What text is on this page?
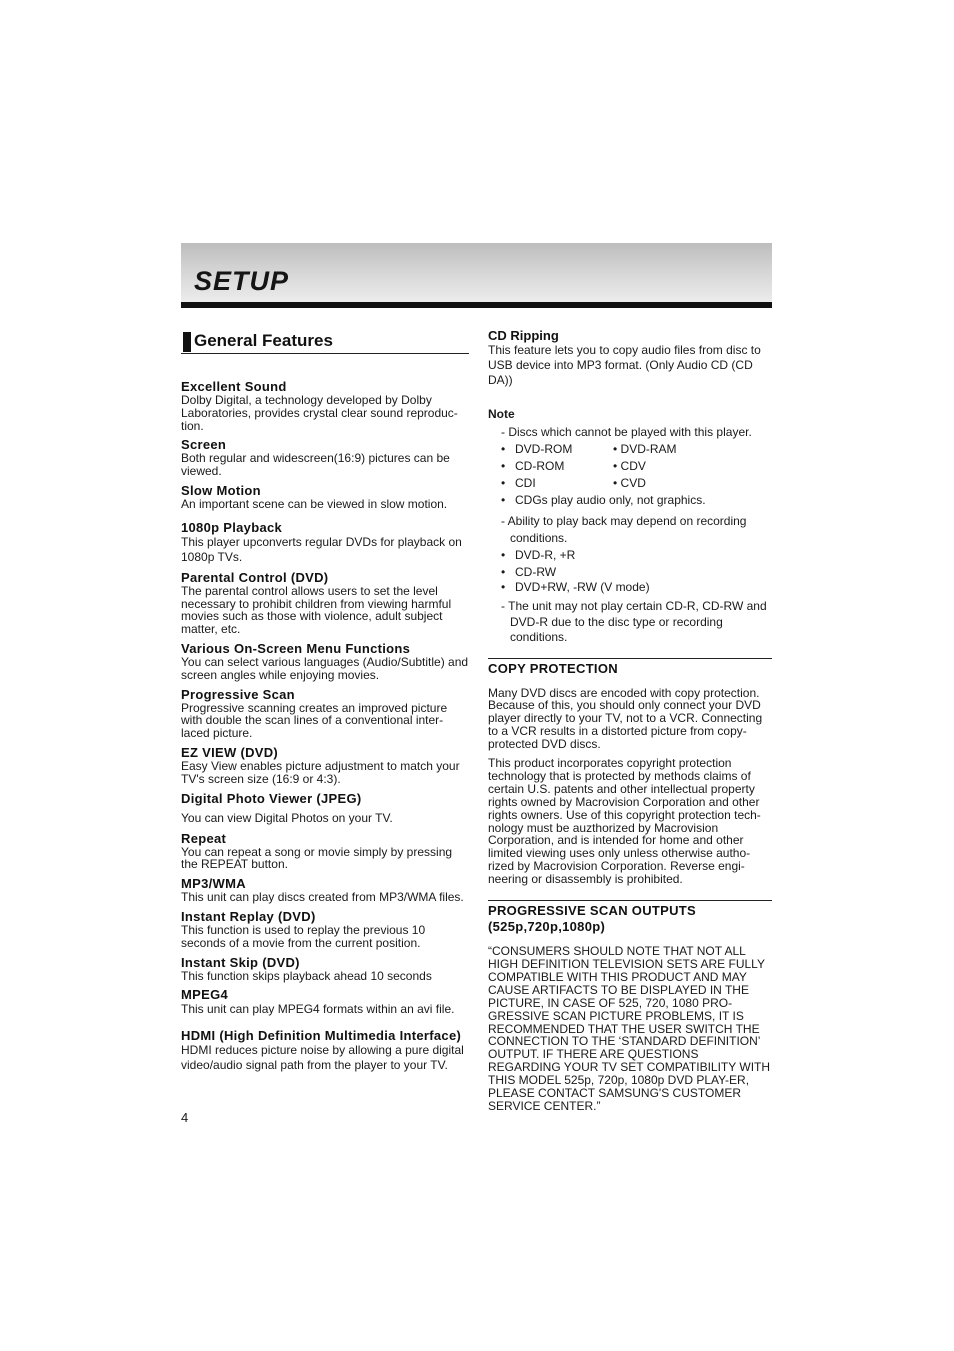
SETUP
General Features
Excellent Sound

Dolby Digital, a technology developed by Dolby Laboratories, provides crystal clear sound reproduc-tion.

Screen

Both regular and widescreen(16:9) pictures can be viewed.

Slow Motion

An important scene can be viewed in slow motion.

1080p Playback

This player upconverts regular DVDs for playback on 1080p TVs.

Parental Control (DVD)

The parental control allows users to set the level necessary to prohibit children from viewing harmful movies such as those with violence, adult subject matter, etc.

Various On-Screen Menu Functions

You can select various languages (Audio/Subtitle) and screen angles while enjoying movies.

Progressive Scan

Progressive scanning creates an improved picture with double the scan lines of a conventional inter-laced picture.

EZ VIEW (DVD)

Easy View enables picture adjustment to match your TV's screen size (16:9 or 4:3).

Digital Photo Viewer (JPEG)

You can view Digital Photos on your TV.

Repeat

You can repeat a song or movie simply by pressing the REPEAT button.

MP3/WMA

This unit can play discs created from MP3/WMA files.

Instant Replay (DVD)

This function is used to replay the previous 10 seconds of a movie from the current position.

Instant Skip (DVD)

This function skips playback ahead 10 seconds

MPEG4

This unit can play MPEG4 formats within an avi file.

HDMI (High Definition Multimedia Interface)

HDMI reduces picture noise by allowing a pure digital video/audio signal path from the player to your TV.

4

CD Ripping

This feature lets you to copy audio files from disc to USB device into MP3 format. (Only Audio CD (CD DA))

Note

- Discs which cannot be played with this player.

• DVD-ROM	• DVD-RAM
• CD-ROM	• CDV
• CDI	• CVD
• CDGs play audio only, not graphics.

- Ability to play back may depend on recording conditions.

• DVD-R, +R
• CD-RW
• DVD+RW, -RW (V mode)

- The unit may not play certain CD-R, CD-RW and DVD-R due to the disc type or recording conditions.

COPY PROTECTION

Many DVD discs are encoded with copy protection. Because of this, you should only connect your DVD player directly to your TV, not to a VCR. Connecting to a VCR results in a distorted picture from copy-protected DVD discs.

This product incorporates copyright protection technology that is protected by methods claims of certain U.S. patents and other intellectual property rights owned by Macrovision Corporation and other rights owners. Use of this copyright protection tech-nology must be auzthorized by Macrovision Corporation, and is intended for home and other limited viewing uses only unless otherwise autho-rized by Macrovision Corporation. Reverse engi-neering or disassembly is prohibited.

PROGRESSIVE SCAN OUTPUTS (525p,720p,1080p)

“CONSUMERS SHOULD NOTE THAT NOT ALL HIGH DEFINITION TELEVISION SETS ARE FULLY COMPATIBLE WITH THIS PRODUCT AND MAY CAUSE ARTIFACTS TO BE DISPLAYED IN THE PICTURE, IN CASE OF 525, 720, 1080 PRO-GRESSIVE SCAN PICTURE PROBLEMS, IT IS RECOMMENDED THAT THE USER SWITCH THE CONNECTION TO THE ‘STANDARD DEFINITION’ OUTPUT. IF THERE ARE QUESTIONS REGARDING YOUR TV SET COMPATIBILITY WITH THIS MODEL 525p, 720p, 1080p DVD PLAY-ER, PLEASE CONTACT SAMSUNG'S CUSTOMER SERVICE CENTER.”
